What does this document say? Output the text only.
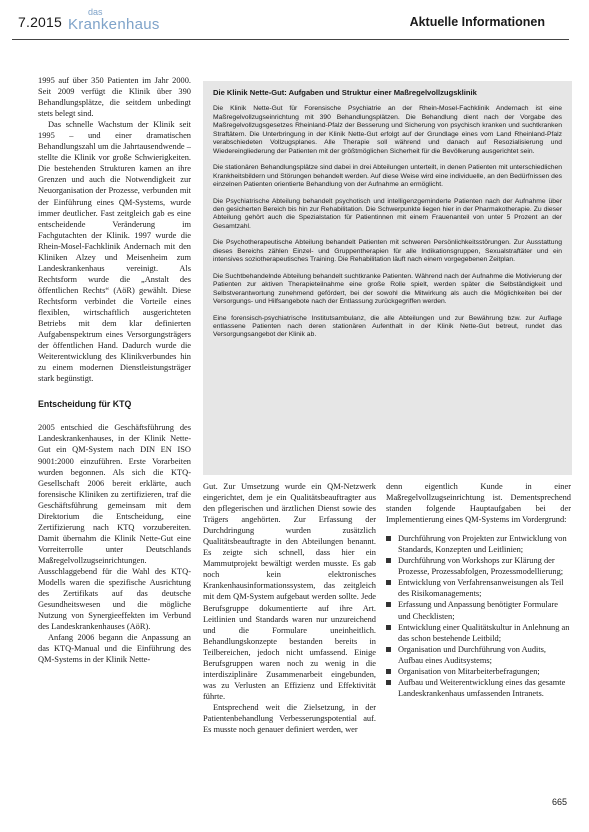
7.2015
das
Krankenhaus	Aktuelle Informationen

1995 auf über 350 Patienten im Jahr 2000. Seit 2009 verfügt die Klinik über 390 Behandlungsplätze, die seitdem unbedingt stets belegt sind.

Das schnelle Wachstum der Klinik seit 1995 – und einer dramatischen Behandlungszahl um die Jahrtausendwende – stellte die Klinik vor große Schwierigkeiten. Die bestehenden Strukturen kamen an ihre Grenzen und auch die Notwendigkeit zur Neuorganisation der Prozesse, verbunden mit der Einführung eines QM-Systems, wurde immer deutlicher. Fast zeitgleich gab es eine entscheidende Veränderung im Fachgutachten der Klinik. 1997 wurde die Rhein-Mosel-Fachklinik Andernach mit den Kliniken Alzey und Meisenheim zum Landeskrankenhaus vereinigt. Als Rechtsform wurde die „Anstalt des öffentlichen Rechts“ (AöR) gewählt. Diese Rechtsform verbindet die Vorteile eines flexiblen, wirtschaftlich ausgerichteten Betriebs mit dem klar definierten Aufgabenspektrum eines Versorgungsträgers der öffentlichen Hand. Dadurch wurde die Weiterentwicklung des Klinikverbundes hin zu einem modernen Dienstleistungsträger stark begünstigt.

Entscheidung für KTQ

2005 entschied die Geschäftsführung des Landeskrankenhauses, in der Klinik Nette-Gut ein QM-System nach DIN EN ISO 9001:2000 einzuführen. Erste Vorarbeiten wurden begonnen. Als sich die KTQ-Gesellschaft 2006 bereit erklärte, auch forensische Kliniken zu zertifizieren, traf die Geschäftsführung gemeinsam mit dem Direktorium die Entscheidung, eine Zertifizierung nach KTQ vorzubereiten. Damit übernahm die Klinik Nette-Gut eine Vorreiterrolle unter Deutschlands Maßregelvollzugseinrichtungen. Ausschlaggebend für die Wahl des KTQ-Modells waren die spezifische Ausrichtung des Zertifikats auf das deutsche Gesundheitswesen und die mögliche Nutzung von Synergieeffekten im Verbund des Landeskrankenhauses (AöR).

Anfang 2006 begann die Anpassung an das KTQ-Manual und die Einführung des QM-Systems in der Klinik Nette-

Die Klinik Nette-Gut: Aufgaben und Struktur einer Maßregelvollzugsklinik

Die Klinik Nette-Gut für Forensische Psychiatrie an der Rhein-Mosel-Fachklinik Andernach ist eine Maßregelvollzugseinrichtung mit 390 Behandlungsplätzen. Die Behandlung dient nach der Vorgabe des Maßregelvollzugsgesetzes Rheinland-Pfalz der Besserung und Sicherung von psychisch kranken und suchtkranken Straftätern. Die Unterbringung in der Klinik Nette-Gut erfolgt auf der Grundlage eines vom Land Rheinland-Pfalz verabschiedeten Vollzugsplanes. Alle Therapie soll während und danach auf Resozialisierung und Wiedereingliederung der Patienten mit der größtmöglichen Sicherheit für die Bevölkerung ausgerichtet sein.

Die stationären Behandlungsplätze sind dabei in drei Abteilungen unterteilt, in denen Patienten mit unterschiedlichen Krankheitsbildern und Störungen behandelt werden. Auf diese Weise wird eine individuelle, an den Bedürfnissen des einzelnen Patienten orientierte Behandlung von der Aufnahme an ermöglicht.

Die Psychiatrische Abteilung behandelt psychotisch und intelligenzgeminderte Patienten nach der Aufnahme über den gesicherten Bereich bis hin zur Rehabilitation. Die Schwerpunkte liegen hier in der Pharmakotherapie. Zu dieser Abteilung gehört auch die Spezialstation für Patientinnen mit einem Frauenanteil von unter 5 Prozent an der Gesamtzahl.

Die Psychotherapeutische Abteilung behandelt Patienten mit schweren Persönlichkeitsstörungen. Zur Ausstattung dieses Bereichs zählen Einzel- und Gruppentherapien für alle Indikationsgruppen, Sexualstraftäter und ein intensives soziotherapeutisches Training. Die Rehabilitation läuft nach einem vorgegebenen Zeitplan.

Die Suchtbehandelnde Abteilung behandelt suchtkranke Patienten. Während nach der Aufnahme die Motivierung der Patienten zur aktiven Therapieteilnahme eine große Rolle spielt, werden später die Selbständigkeit und Selbstverantwortung zunehmend gefördert, bei der sowohl die Mitwirkung als auch die Möglichkeiten bei der Versorgungs- und Hilfsangebote nach der Entlassung zurückgegriffen werden.

Eine forensisch-psychiatrische Institutsambulanz, die alle Abteilungen und zur Bewährung bzw. zur Auflage entlassene Patienten nach deren stationären Aufenthalt in der Klinik Nette-Gut betreut, rundet das Versorgungsangebot der Klinik ab.

Gut. Zur Umsetzung wurde ein QM-Netzwerk eingerichtet, dem je ein Qualitätsbeauftragter aus den pflegerischen und ärztlichen Dienst sowie des Trägers angehörten. Zur Erfassung der Durchdringung wurden zusätzlich Qualitätsbeauftragte in den Abteilungen benannt. Es zeigte sich schnell, dass hier ein Mammutprojekt bewältigt werden musste. Es gab noch kein elektronisches Krankenhausinformationssystem, das zeitgleich mit dem QM-System aufgebaut werden sollte. Jede Berufsgruppe dokumentierte auf ihre Art. Leitlinien und Standards waren nur unzureichend und die Formulare uneinheitlich. Behandlungskonzepte bestanden bereits in Teilbereichen, jedoch nicht umfassend. Einige Berufsgruppen waren noch zu wenig in die interdisziplinäre Zusammenarbeit eingebunden, was zu Verlusten an Effizienz und Effektivität führte.

Entsprechend weit die Zielsetzung, in der Patientenbehandlung Verbesserungspotential auf. Es musste noch genauer definiert werden, wer

denn eigentlich Kunde in einer Maßregelvollzugseinrichtung ist. Dementsprechend standen folgende Hauptaufgaben bei der Implementierung eines QM-Systems im Vordergrund:

Durchführung von Projekten zur Entwicklung von Standards, Konzepten und Leitlinien;
Durchführung von Workshops zur Klärung der Prozesse, Prozessabfolgen, Prozessmodellierung;
Entwicklung von Verfahrensanweisungen als Teil des Risikomanagements;
Erfassung und Anpassung benötigter Formulare und Checklisten;
Entwicklung einer Qualitätskultur in Anlehnung an das schon bestehende Leitbild;
Organisation und Durchführung von Audits, Aufbau eines Auditsystems;
Organisation von Mitarbeiterbefragungen;
Aufbau und Weiterentwicklung eines das gesamte Landeskrankenhaus umfassenden Intranets.
665
